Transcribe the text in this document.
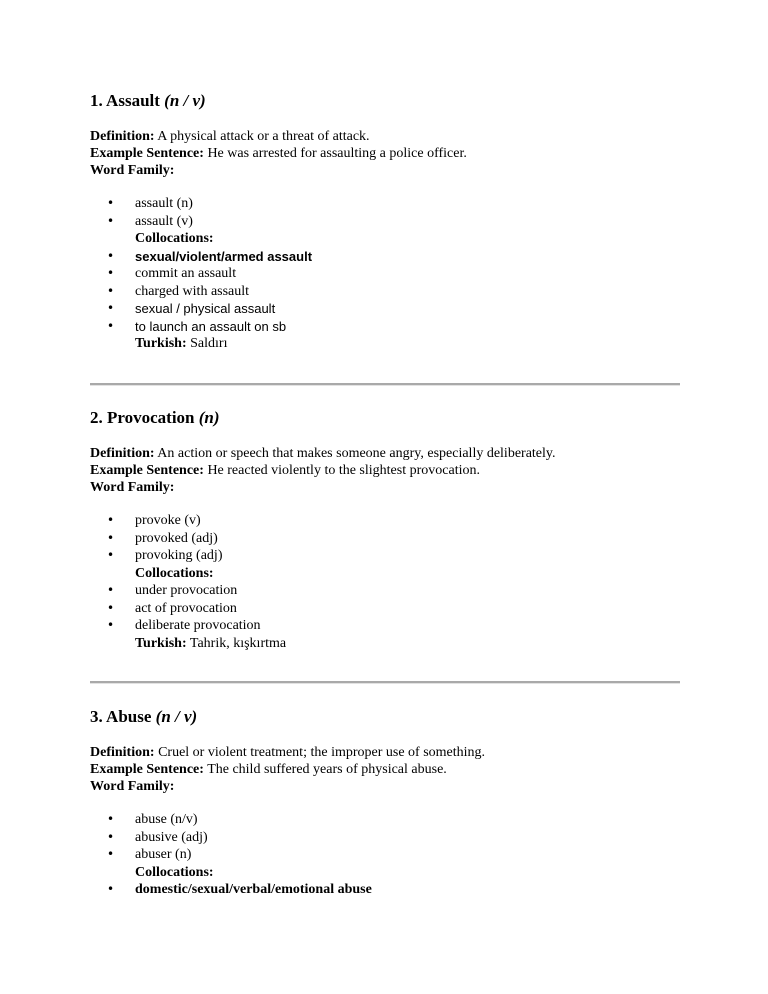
1. Assault (n / v)
Definition: A physical attack or a threat of attack.
Example Sentence: He was arrested for assaulting a police officer.
Word Family:
• assault (n)
• assault (v)
Collocations:
• sexual/violent/armed assault
• commit an assault
• charged with assault
• sexual / physical assault
• to launch an assault on sb
Turkish: Saldırı
2. Provocation (n)
Definition: An action or speech that makes someone angry, especially deliberately.
Example Sentence: He reacted violently to the slightest provocation.
Word Family:
• provoke (v)
• provoked (adj)
• provoking (adj)
Collocations:
• under provocation
• act of provocation
• deliberate provocation
Turkish: Tahrik, kışkırtma
3. Abuse (n / v)
Definition: Cruel or violent treatment; the improper use of something.
Example Sentence: The child suffered years of physical abuse.
Word Family:
• abuse (n/v)
• abusive (adj)
• abuser (n)
Collocations:
• domestic/sexual/verbal/emotional abuse
